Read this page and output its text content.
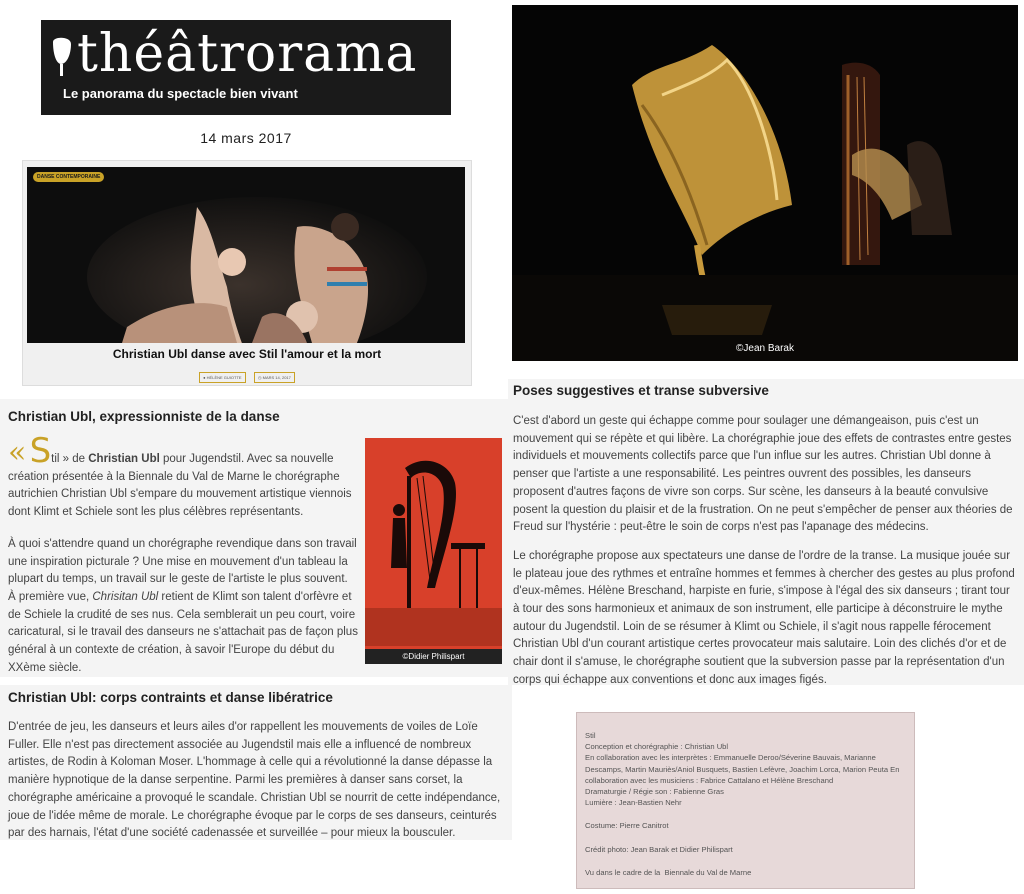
théâtrorama
Le panorama du spectacle bien vivant
14 mars 2017
DANSE CONTEMPORAINE
Christian Ubl danse avec Stil l'amour et la mort
● HÉLÈNE GUIOTTE	◷ MARS 14, 2017
Christian Ubl, expressionniste de la danse

« Stil » de Christian Ubl pour Jugendstil. Avec sa nouvelle création présentée à la Biennale du Val de Marne le chorégraphe autrichien Christian Ubl s'empare du mouvement artistique viennois dont Klimt et Schiele sont les plus célèbres représentants.

À quoi s'attendre quand un chorégraphe revendique dans son travail une inspiration picturale ? Une mise en mouvement d'un tableau la plupart du temps, un travail sur le geste de l'artiste le plus souvent. À première vue, Chrisitan Ubl retient de Klimt son talent d'orfèvre et de Schiele la crudité de ses nus. Cela semblerait un peu court, voire caricatural, si le travail des danseurs ne s'attachait pas de façon plus général à un contexte de création, à savoir l'Europe du début du XXème siècle.

©Didier Philispart
Christian Ubl: corps contraints et danse libératrice

D'entrée de jeu, les danseurs et leurs ailes d'or rappellent les mouvements de voiles de Loïe Fuller. Elle n'est pas directement associée au Jugendstil mais elle a influencé de nombreux artistes, de Rodin à Koloman Moser. L'hommage à celle qui a révolutionné la danse dépasse la manière hypnotique de la danse serpentine. Parmi les premières à danser sans corset, la chorégraphe américaine a provoqué le scandale. Christian Ubl se nourrit de cette indépendance, joue de l'idée même de morale. Le chorégraphe évoque par le corps de ses danseurs, ceinturés par des harnais, l'état d'une société cadenassée et surveillée – pour mieux la bousculer.

©Jean Barak
Poses suggestives et transe subversive

C'est d'abord un geste qui échappe comme pour soulager une démangeaison, puis c'est un mouvement qui se répète et qui libère. La chorégraphie joue des effets de contrastes entre gestes individuels et mouvements collectifs parce que l'un influe sur les autres. Christian Ubl donne à penser que l'artiste a une responsabilité. Les peintres ouvrent des possibles, les danseurs proposent d'autres façons de vivre son corps. Sur scène, les danseurs à la beauté convulsive posent la question du plaisir et de la frustration. On ne peut s'empêcher de penser aux théories de Freud sur l'hystérie : peut-être le soin de corps n'est pas l'apanage des médecins.

Le chorégraphe propose aux spectateurs une danse de l'ordre de la transe. La musique jouée sur le plateau joue des rythmes et entraîne hommes et femmes à chercher des gestes au plus profond d'eux-mêmes. Hélène Breschand, harpiste en furie, s'impose à l'égal des six danseurs ; tirant tour à tour des sons harmonieux et animaux de son instrument, elle participe à déconstruire le mythe autour du Jugendstil. Loin de se résumer à Klimt ou Schiele, il s'agit nous rappelle férocement Christian Ubl d'un courant artistique certes provocateur mais salutaire. Loin des clichés d'or et de chair dont il s'amuse, le chorégraphe soutient que la subversion passe par la représentation d'un corps qui échappe aux conventions et donc aux images figés.

Stil
Conception et chorégraphie : Christian Ubl
En collaboration avec les interprètes : Emmanuelle Deroo/Séverine Bauvais, Marianne Descamps, Martin Mauriès/Aniol Busquets, Bastien Lefèvre, Joachim Lorca, Marion Peuta En collaboration avec les musiciens : Fabrice Cattalano et Hélène Breschand
Dramaturgie / Régie son : Fabienne Gras
Lumière : Jean-Bastien Nehr
Costume: Pierre Canitrot
Crédit photo: Jean Barak et Didier Philispart
Vu dans le cadre de la  Biennale du Val de Marne
